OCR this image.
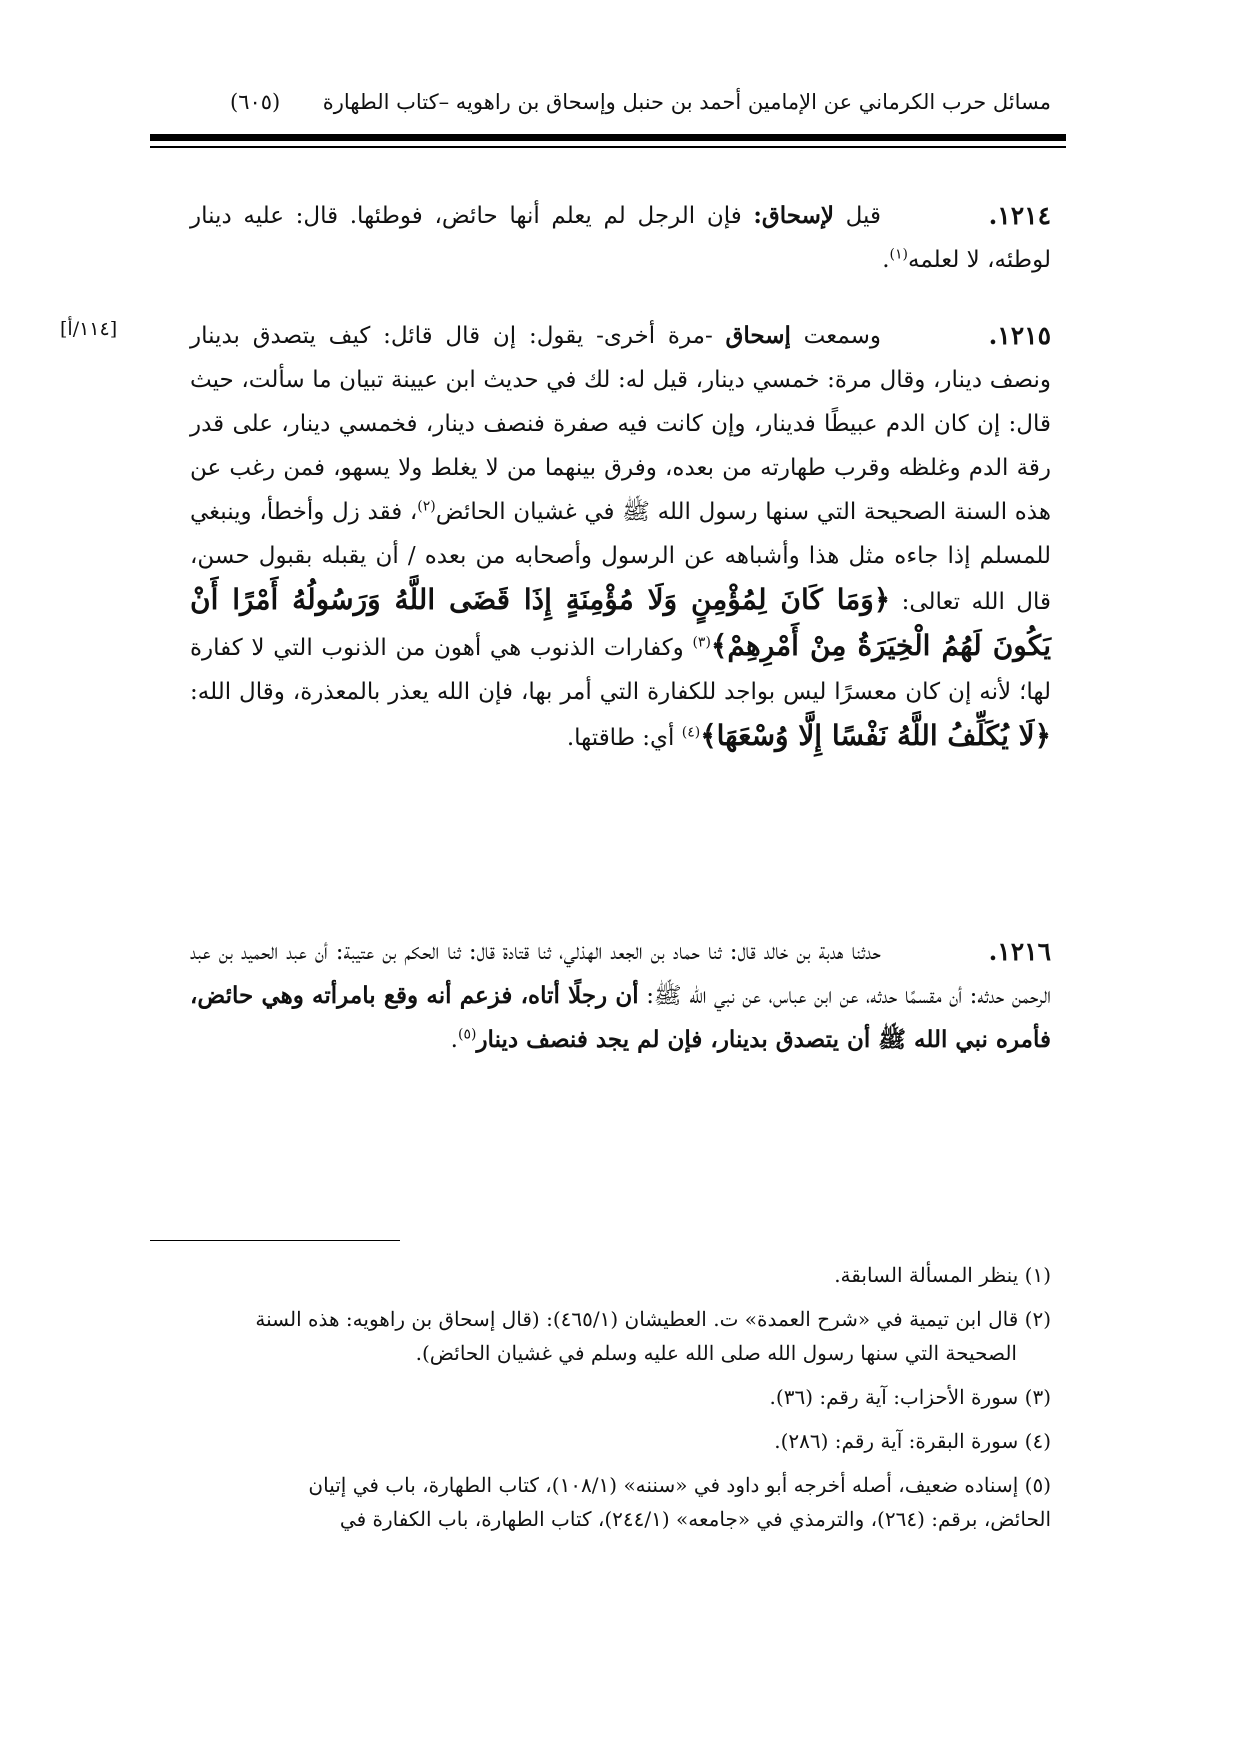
مسائل حرب الكرماني عن الإمامين أحمد بن حنبل وإسحاق بن راهويه –كتاب الطهارة
(٦٠٥)
[١١٤/أ]
١٢١٤.
قيل لإسحاق: فإن الرجل لم يعلم أنها حائض، فوطئها. قال: عليه دينار لوطئه، لا لعلمه$^{(١)}$.
١٢١٥.
وسمعت إسحاق -مرة أخرى- يقول: إن قال قائل: كيف يتصدق بدينار ونصف دينار، وقال مرة: خمسي دينار، قيل له: لك في حديث ابن عيينة تبيان ما سألت، حيث قال: إن كان الدم عبيطًا فدينار، وإن كانت فيه صفرة فنصف دينار، فخمسي دينار، على قدر رقة الدم وغلظه وقرب طهارته من بعده، وفرق بينهما من لا يغلط ولا يسهو، فمن رغب عن هذه السنة الصحيحة التي سنها رسول الله ﷺ في غشيان الحائض$^{(٢)}$، فقد زل وأخطأ، وينبغي للمسلم إذا جاءه مثل هذا وأشباهه عن الرسول وأصحابه من بعده / أن يقبله بقبول حسن، قال الله تعالى: ﴿وَمَا كَانَ لِمُؤْمِنٍ وَلَا مُؤْمِنَةٍ إِذَا قَضَى اللَّهُ وَرَسُولُهُ أَمْرًا أَنْ يَكُونَ لَهُمُ الْخِيَرَةُ مِنْ أَمْرِهِمْ﴾$^{(٣)}$ وكفارات الذنوب هي أهون من الذنوب التي لا كفارة لها؛ لأنه إن كان معسرًا ليس بواجد للكفارة التي أمر بها، فإن الله يعذر بالمعذرة، وقال الله: ﴿لَا يُكَلِّفُ اللَّهُ نَفْسًا إِلَّا وُسْعَهَا﴾$^{(٤)}$ أي: طاقتها.
١٢١٦.
حدثنا هدبة بن خالد قال: ثنا حماد بن الجعد الهذلي، ثنا قتادة قال: ثنا الحكم بن عتيبة: أن عبد الحميد بن عبد الرحمن حدثه: أن مقسمًا حدثه، عن ابن عباس، عن نبي الله ﷺ: أن رجلًا أتاه، فزعم أنه وقع بامرأته وهي حائض، فأمره نبي الله ﷺ أن يتصدق بدينار، فإن لم يجد فنصف دينار$^{(٥)}$.
(١) ينظر المسألة السابقة.
(٢) قال ابن تيمية في «شرح العمدة» ت. العطيشان (٤٦٥/١): (قال إسحاق بن راهويه: هذه السنة
الصحيحة التي سنها رسول الله صلى الله عليه وسلم في غشيان الحائض).
(٣) سورة الأحزاب: آية رقم: (٣٦).
(٤) سورة البقرة: آية رقم: (٢٨٦).
(٥) إسناده ضعيف، أصله أخرجه أبو داود في «سننه» (١٠٨/١)، كتاب الطهارة، باب في إتيان
الحائض، برقم: (٢٦٤)، والترمذي في «جامعه» (٢٤٤/١)، كتاب الطهارة، باب الكفارة في
